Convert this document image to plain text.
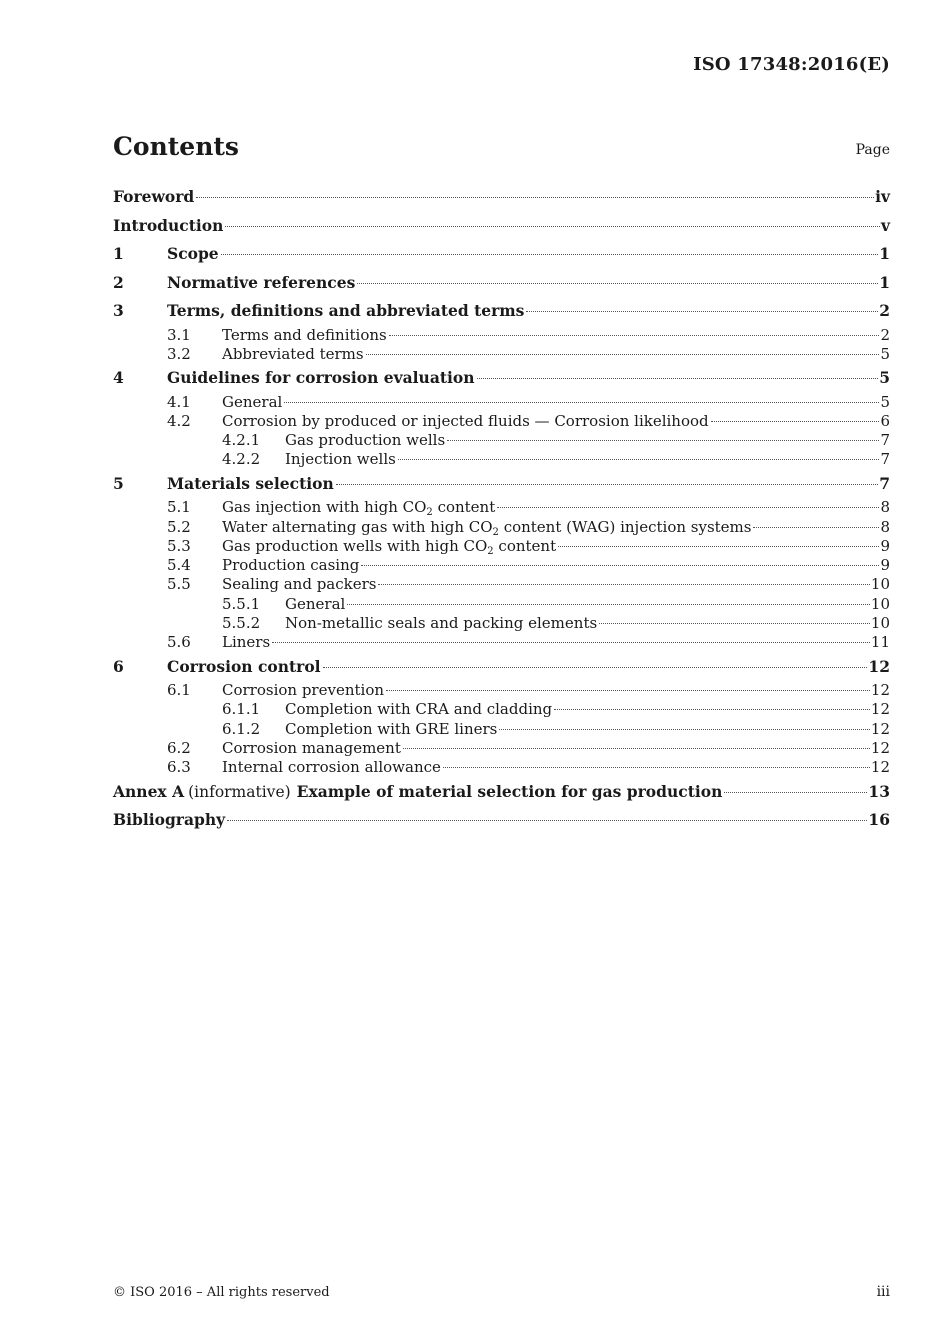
ISO 17348:2016(E)
Contents	Page
Foreword	iv
Introduction	v
1	Scope	1
2	Normative references	1
3	Terms, definitions and abbreviated terms	2
3.1	Terms and definitions	2
3.2	Abbreviated terms	5
4	Guidelines for corrosion evaluation	5
4.1	General	5
4.2	Corrosion by produced or injected fluids — Corrosion likelihood	6
4.2.1	Gas production wells	7
4.2.2	Injection wells	7
5	Materials selection	7
5.1	Gas injection with high $CO_2$ content	8
5.2	Water alternating gas with high $CO_2$ content (WAG) injection systems	8
5.3	Gas production wells with high $CO_2$ content	9
5.4	Production casing	9
5.5	Sealing and packers	10
5.5.1	General	10
5.5.2	Non-metallic seals and packing elements	10
5.6	Liners	11
6	Corrosion control	12
6.1	Corrosion prevention	12
6.1.1	Completion with CRA and cladding	12
6.1.2	Completion with GRE liners	12
6.2	Corrosion management	12
6.3	Internal corrosion allowance	12
Annex A (informative) Example of material selection for gas production	13
Bibliography	16
© ISO 2016 – All rights reserved	iii
